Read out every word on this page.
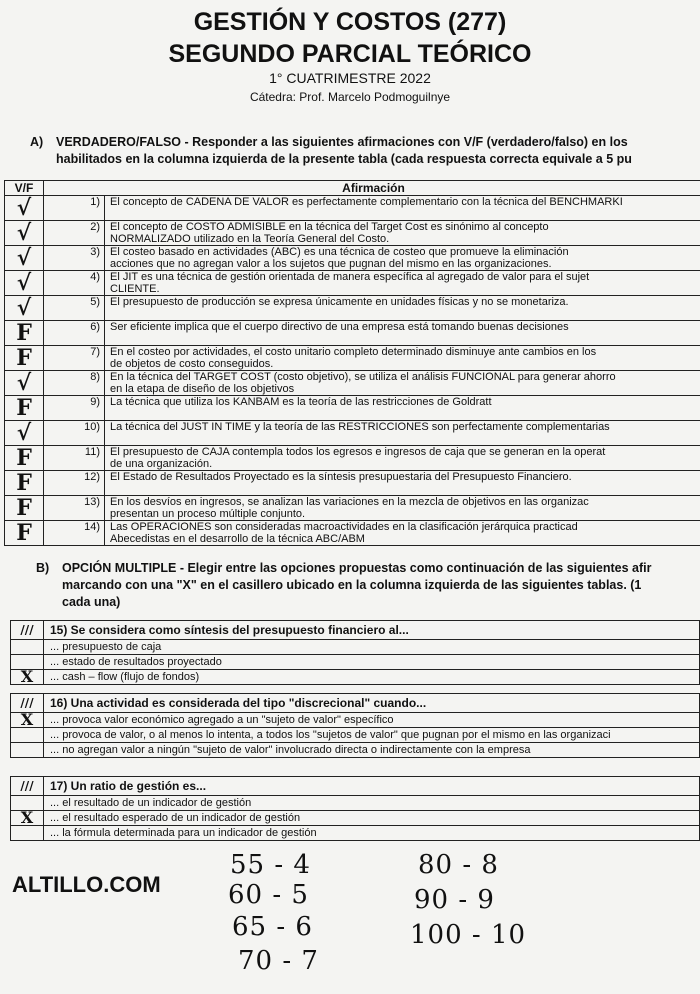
GESTIÓN Y COSTOS (277)
SEGUNDO PARCIAL TEÓRICO
1° CUATRIMESTRE 2022
Cátedra: Prof. Marcelo Podmoguilnye
A) VERDADERO/FALSO - Responder a las siguientes afirmaciones con V/F (verdadero/falso) en los
habilitados en la columna izquierda de la presente tabla (cada respuesta correcta equivale a 5 pu
V/F	Afirmación	
√	1)	El concepto de CADENA DE VALOR es perfectamente complementario con la técnica del BENCHMARKI

√	2)	El concepto de COSTO ADMISIBLE en la técnica del Target Cost es sinónimo al concepto
NORMALIZADO utilizado en la Teoría General del Costo.

√	3)	El costeo basado en actividades (ABC) es una técnica de costeo que promueve la eliminación
acciones que no agregan valor a los sujetos que pugnan del mismo en las organizaciones.

√	4)	El JIT es una técnica de gestión orientada de manera específica al agregado de valor para el sujet
CLIENTE.

√	5)	El presupuesto de producción se expresa únicamente en unidades físicas y no se monetariza.

F	6)	Ser eficiente implica que el cuerpo directivo de una empresa está tomando buenas decisiones

F	7)	En el costeo por actividades, el costo unitario completo determinado disminuye ante cambios en los
de objetos de costo conseguidos.

√	8)	En la técnica del TARGET COST (costo objetivo), se utiliza el análisis FUNCIONAL para generar ahorro
en la etapa de diseño de los objetivos

F	9)	La técnica que utiliza los KANBAM es la teoría de las restricciones de Goldratt

√	10)	La técnica del JUST IN TIME y la teoría de las RESTRICCIONES son perfectamente complementarias

F	11)	El presupuesto de CAJA contempla todos los egresos e ingresos de caja que se generan en la operat
de una organización.

F	12)	El Estado de Resultados Proyectado es la síntesis presupuestaria del Presupuesto Financiero.

F	13)	En los desvíos en ingresos, se analizan las variaciones en la mezcla de objetivos en las organizac
presentan un proceso múltiple conjunto.

F	14)	Las OPERACIONES son consideradas macroactividades en la clasificación jerárquica practicad
Abecedistas en el desarrollo de la técnica ABC/ABM
B) OPCIÓN MULTIPLE - Elegir entre las opciones propuestas como continuación de las siguientes afir
marcando con una "X" en el casillero ubicado en la columna izquierda de las siguientes tablas. (1
cada una)
///	15) Se considera como síntesis del presupuesto financiero al...
	... presupuesto de caja
	... estado de resultados proyectado
X	... cash – flow (flujo de fondos)
///	16) Una actividad es considerada del tipo "discrecional" cuando...
X	... provoca valor económico agregado a un "sujeto de valor" específico
	... provoca de valor, o al menos lo intenta, a todos los "sujetos de valor" que pugnan por el mismo en las organizaci
	... no agregan valor a ningún "sujeto de valor" involucrado directa o indirectamente con la empresa
///	17) Un ratio de gestión es...
	... el resultado de un indicador de gestión
X	... el resultado esperado de un indicador de gestión
	... la fórmula determinada para un indicador de gestión
ALTILLO.COM
55 - 4
60 - 5
65 - 6
70 - 7
80 - 8
90 - 9
100 - 10
